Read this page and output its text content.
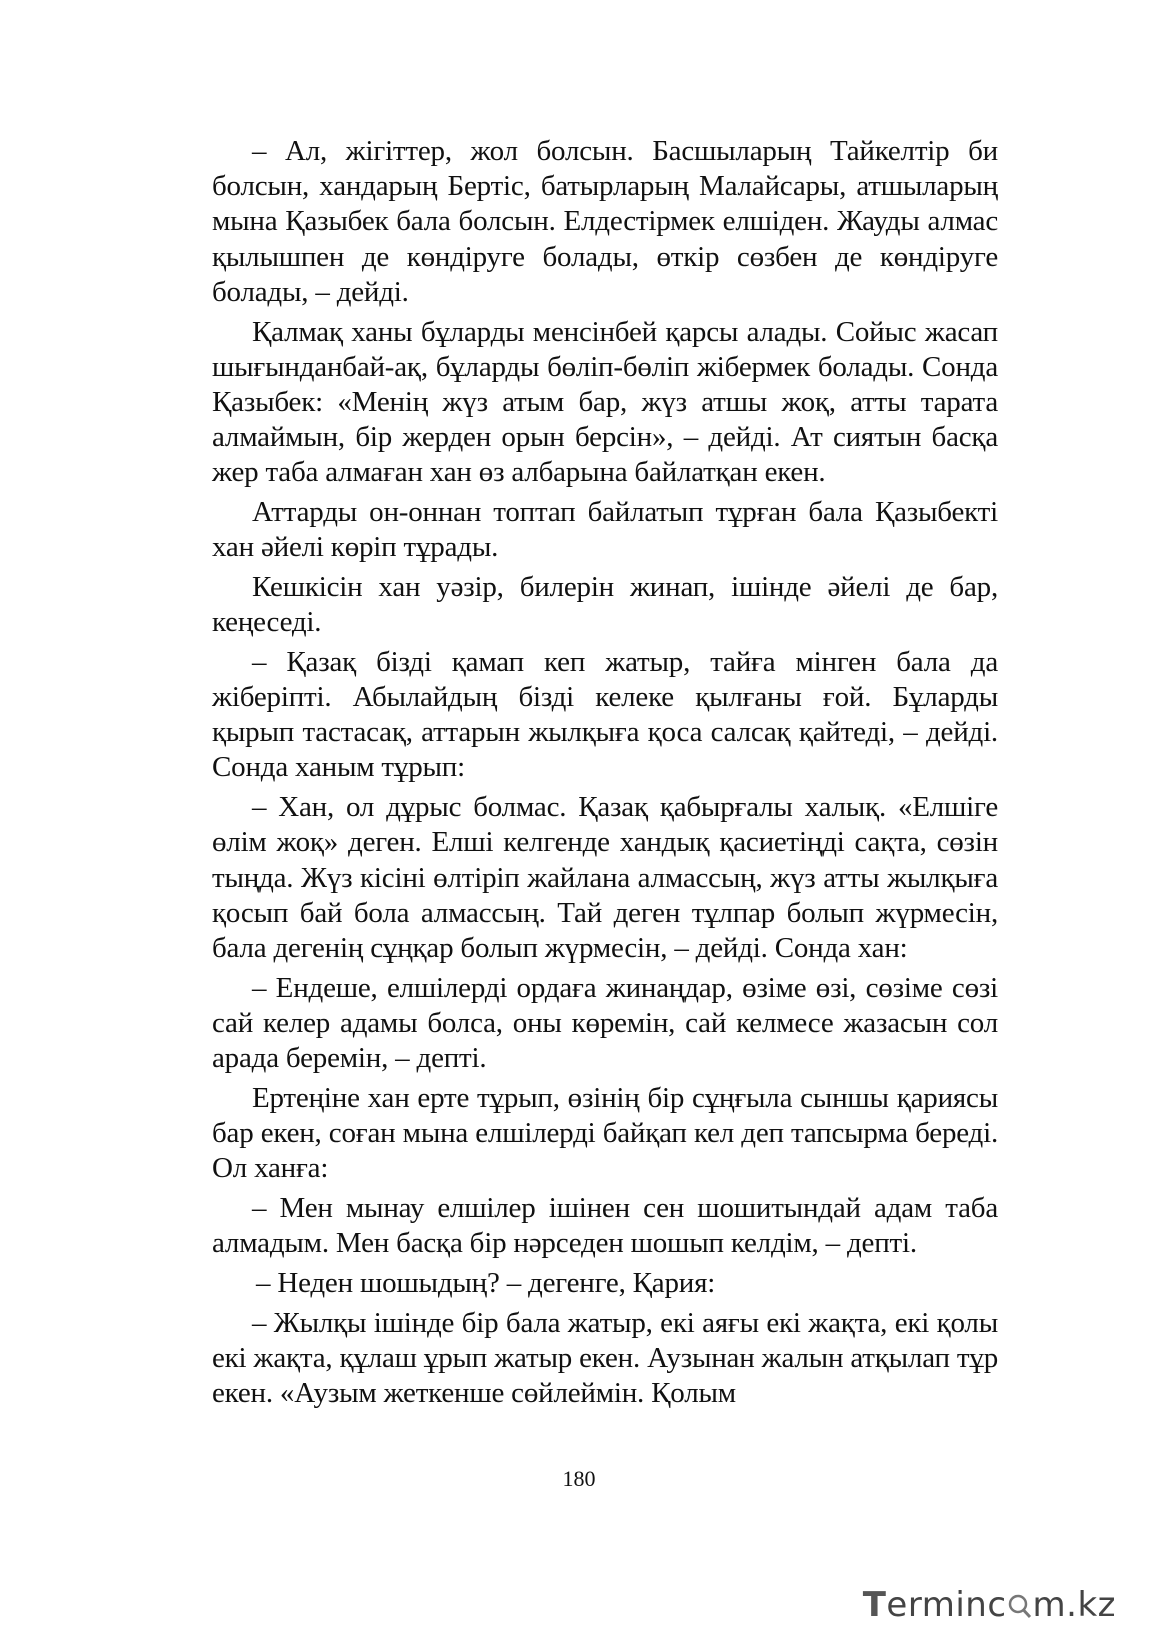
– Ал, жігіттер, жол болсын. Басшыларың Тайкелтір би болсын, хандарың Бертіс, батырларың Малайсары, атшыларың мына Қазыбек бала болсын. Елдестірмек елшіден. Жауды алмас қылышпен де көндіруге болады, өткір сөзбен де көндіруге болады, – дейді.

Қалмақ ханы бұларды менсінбей қарсы алады. Сойыс жасап шығынданбай-ақ, бұларды бөліп-бөліп жібермек болады. Сонда Қазыбек: «Менің жүз атым бар, жүз атшы жоқ, атты тарата алмаймын, бір жерден орын берсін», – дейді. Ат сиятын басқа жер таба алмаған хан өз албарына байлатқан екен.

Аттарды он-оннан топтап байлатып тұрған бала Қазыбекті хан әйелі көріп тұрады.

Кешкісін хан уәзір, билерін жинап, ішінде әйелі де бар, кеңеседі.

– Қазақ бізді қамап кеп жатыр, тайға мінген бала да жіберіпті. Абылайдың бізді келеке қылғаны ғой. Бұларды қырып тастасақ, аттарын жылқыға қоса салсақ қайтеді, – дейді. Сонда ханым тұрып:

– Хан, ол дұрыс болмас. Қазақ қабырғалы халық. «Елшіге өлім жоқ» деген. Елші келгенде хандық қасиетіңді сақта, сөзін тыңда. Жүз кісіні өлтіріп жайлана алмассың, жүз атты жылқыға қосып бай бола алмассың. Тай деген тұлпар болып жүрмесін, бала дегенің сұңқар болып жүрмесін, – дейді. Сонда хан:

– Ендеше, елшілерді ордаға жинаңдар, өзіме өзі, сөзіме сөзі сай келер адамы болса, оны көремін, сай келмесе жазасын сол арада беремін, – депті.

Ертеңіне хан ерте тұрып, өзінің бір сұңғыла сыншы қариясы бар екен, соған мына елшілерді байқап кел деп тапсырма береді. Ол ханға:

– Мен мынау елшілер ішінен сен шошитындай адам таба алмадым. Мен басқа бір нәрседен шошып келдім, – депті.

– Неден шошыдың? – дегенге, Қария:

– Жылқы ішінде бір бала жатыр, екі аяғы екі жақта, екі қолы екі жақта, құлаш ұрып жатыр екен. Аузынан жалын атқылап тұр екен. «Аузым жеткенше сөйлеймін. Қолым

180
Terminc m.kz
